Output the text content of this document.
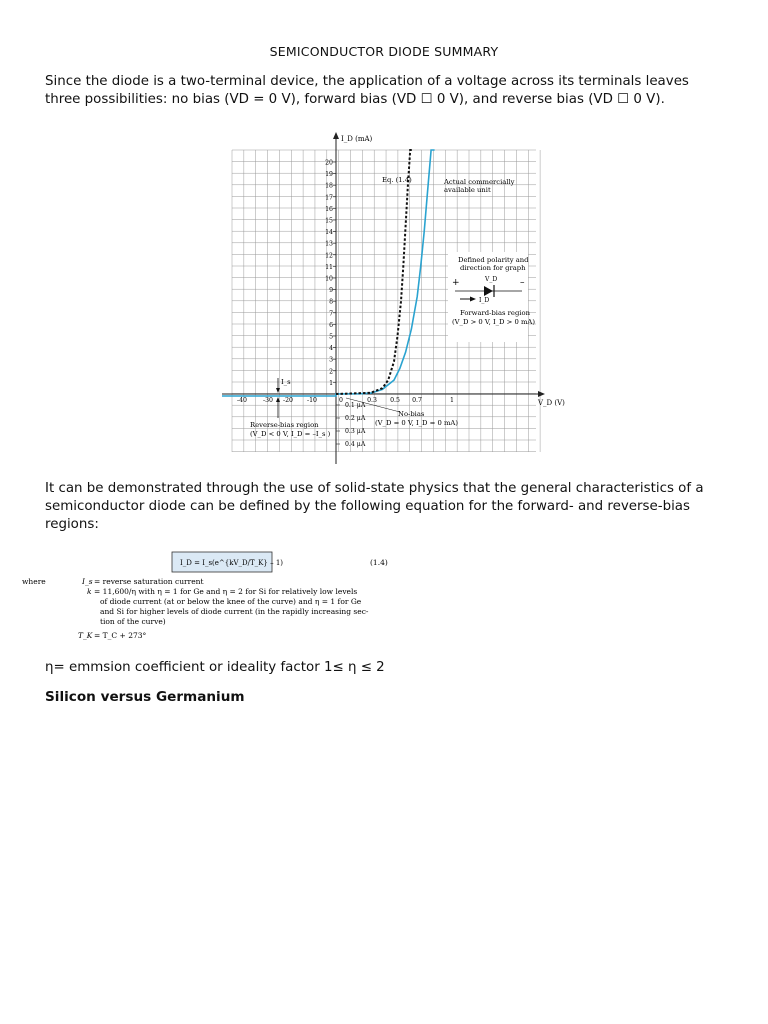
SEMICONDUCTOR DIODE SUMMARY
Since the diode is a two-terminal device, the application of a voltage across its terminals leaves three possibilities: no bias (VD = 0 V), forward bias (VD ☐ 0 V), and reverse bias (VD ☐ 0 V).
I_D (mA)
V_D (V)
1
2
3
4
5
6
7
8
9
10
11
12
13
14
15
16
17
18
19
20
-40	-30 -20 -10	0.3 0.5 0.7	1
0
0.1 μA
0.2 μA
0.3 μA
0.4 μA
Eq. (1.4)	Actual commercially
available unit
Defined polarity and
direction for graph
+	–
V_D
I_D
Forward-bias region
(V_D > 0 V, I_D > 0 mA)
No-bias
(V_D = 0 V, I_D = 0 mA)
I_s
Reverse-bias region
(V_D < 0 V, I_D = –I_s )
It can be demonstrated through the use of solid-state physics that the general characteristics of a semiconductor diode can be defined by the following equation for the forward- and reverse-bias regions:
I_D = I_s(e^{kV_D/T_K} – 1)	(1.4)
where	I_s = reverse saturation current
k = 11,600/η with η = 1 for Ge and η = 2 for Si for relatively low levels
of diode current (at or below the knee of the curve) and η = 1 for Ge
and Si for higher levels of diode current (in the rapidly increasing sec-
tion of the curve)
T_K = T_C + 273°
η= emmsion coefficient or ideality factor 1≤ η ≤ 2
Silicon versus Germanium
